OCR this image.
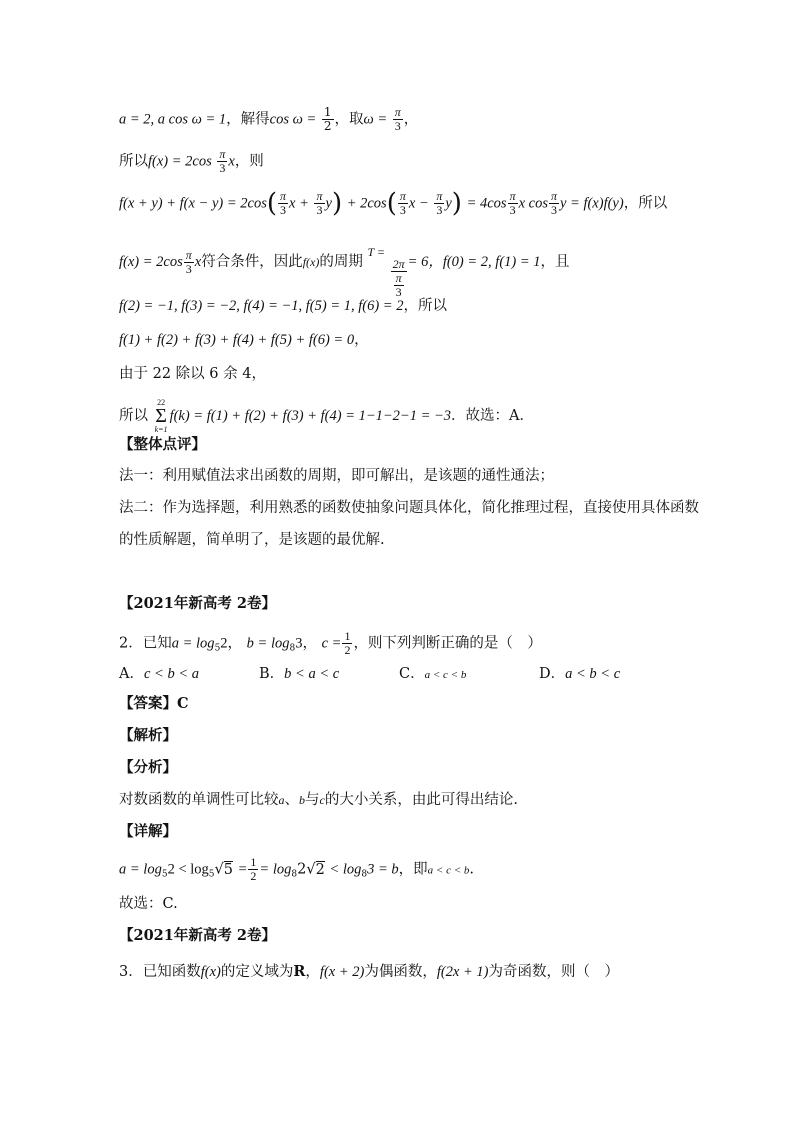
a = 2, a cos ω = 1，解得$\cos \omega = \frac{1}{2}$ ，取$\omega = \frac{\pi}{3}$ ，
所以$f(x) = 2\cos \frac{\pi}{3}$ x，则
$f(x + y) + f(x - y) = 2\cos( \frac{\pi}{3}$ $x + \frac{\pi}{3} y) + 2\cos( \frac{\pi}{3}$ $x - \frac{\pi}{3} y) = 4\cos \frac{\pi}{3}$ x $\cos \frac{\pi}{3}$ y = f(x)f(y)，所以
$f(x) = 2\cos \frac{\pi}{3}$ x符合条件，因此f(x)的周期 $^{T =}$
$\frac{2\pi}{\frac{\pi}{3}} = 6$，f(0) = 2, f(1) = 1，且
f(2) = −1, f(3) = −2, f(4) = −1, f(5) = 1, f(6) = 2，所以
f(1) + f(2) + f(3) + f(4) + f(5) + f(6) = 0，
由于 22 除以 6 余 4，
所以
22
Σ
k=1
f(k) = f(1) + f(2) + f(3) + f(4) = 1−1−2−1 = −3．故选：A．
【整体点评】
法一：利用赋值法求出函数的周期，即可解出，是该题的通性通法；
法二：作为选择题，利用熟悉的函数使抽象问题具体化，简化推理过程，直接使用具体函数
的性质解题，简单明了，是该题的最优解.
【2021年新高考 2卷】
2．已知$a = \log_52$， $b = \log_83$， $c = \frac{1}{2}$ ，则下列判断正确的是（　）
A．c < b < a	B．b < a < c	C．a < c < b	D．a < b < c
【答案】C
【解析】
【分析】
对数函数的单调性可比较a、b与c的大小关系，由此可得出结论.
【详解】
$a = \log_52 < \log_5√5 = \frac{1}{2} = \log_82√2 < \log_83 = b$，即a < c < b.
故选：C.
【2021年新高考 2卷】
3．已知函数f(x)的定义域为R，f(x + 2)为偶函数，f(2x + 1)为奇函数，则（　）
